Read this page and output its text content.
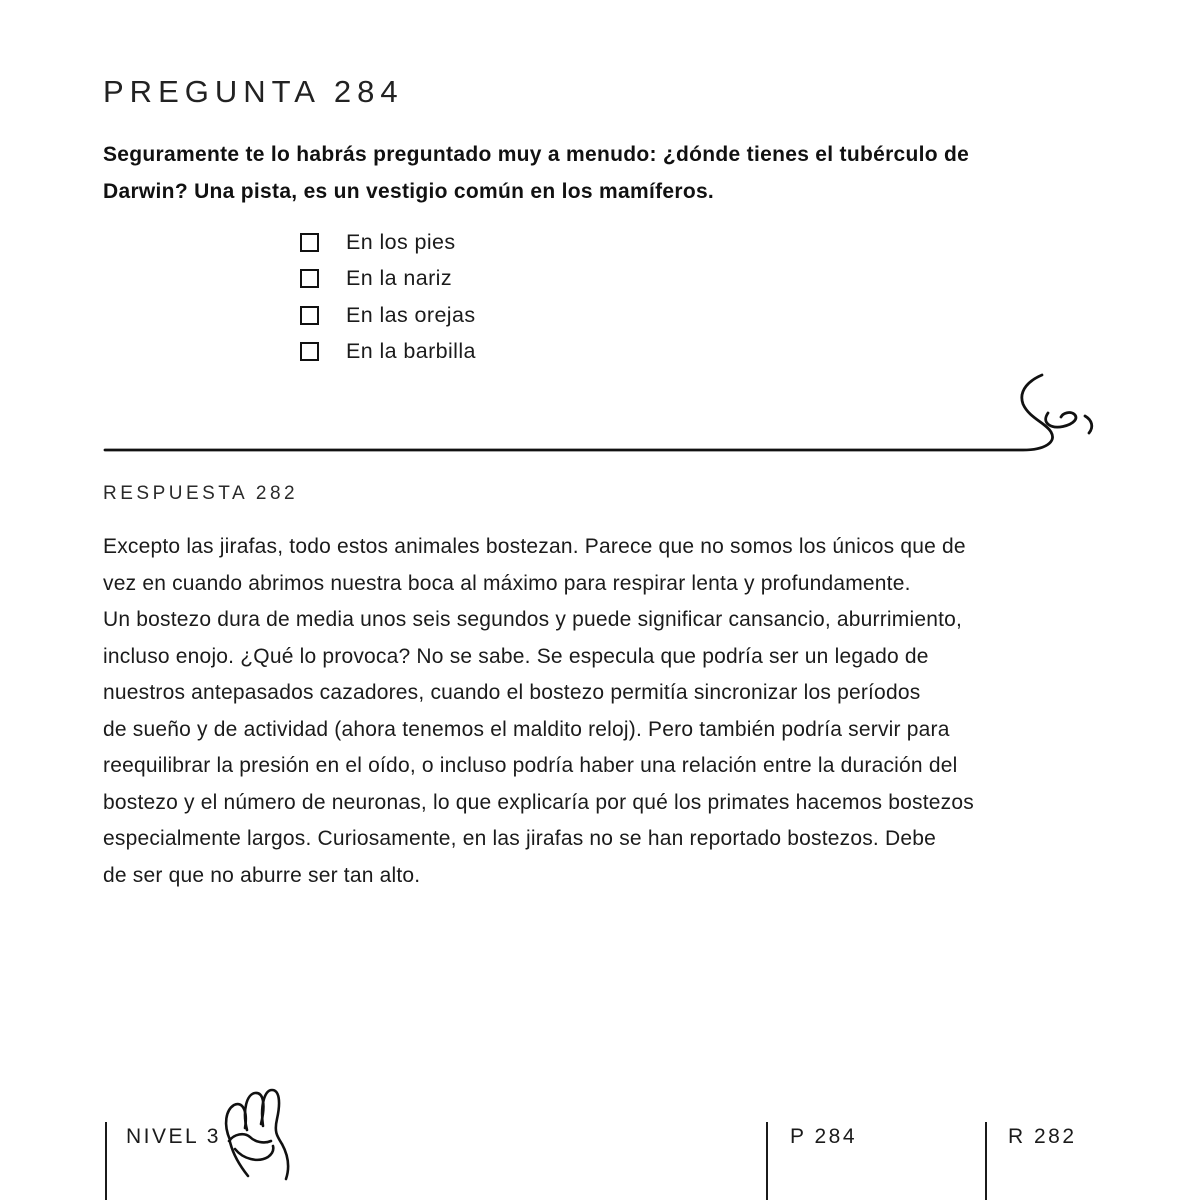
PREGUNTA 284
Seguramente te lo habrás preguntado muy a menudo: ¿dónde tienes el tubérculo de
Darwin? Una pista, es un vestigio común en los mamíferos.
En los pies
En la nariz
En las orejas
En la barbilla
RESPUESTA 282
Excepto las jirafas, todo estos animales bostezan. Parece que no somos los únicos que de
vez en cuando abrimos nuestra boca al máximo para respirar lenta y profundamente.
Un bostezo dura de media unos seis segundos y puede significar cansancio, aburrimiento,
incluso enojo. ¿Qué lo provoca? No se sabe. Se especula que podría ser un legado de
nuestros antepasados cazadores, cuando el bostezo permitía sincronizar los períodos
de sueño y de actividad (ahora tenemos el maldito reloj). Pero también podría servir para
reequilibrar la presión en el oído, o incluso podría haber una relación entre la duración del
bostezo y el número de neuronas, lo que explicaría por qué los primates hacemos bostezos
especialmente largos. Curiosamente, en las jirafas no se han reportado bostezos. Debe
de ser que no aburre ser tan alto.
NIVEL 3	P 284	R 282
